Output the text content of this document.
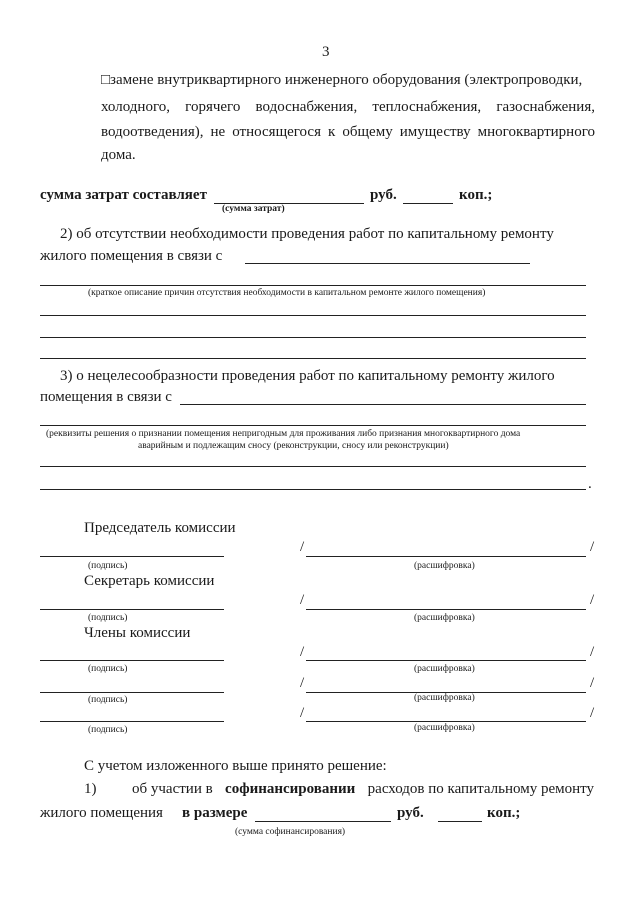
3
□замене внутриквартирного инженерного оборудования (электропроводки,
холодного, горячего водоснабжения, теплоснабжения, газоснабжения,
водоотведения), не относящегося к общему имуществу многоквартирного
дома.
сумма затрат составляет	руб.	коп.;
(сумма затрат)
2) об отсутствии необходимости проведения работ по капитальному ремонту
жилого помещения в связи с
(краткое описание причин отсутствия необходимости в капитальном ремонте жилого помещения)
3) о нецелесообразности проведения работ по капитальному ремонту жилого
помещения в связи с
(реквизиты решения о признании помещения непригодным для проживания либо признания многоквартирного дома
аварийным и подлежащим сносу (реконструкции, сносу или реконструкции)
.
Председатель комиссии
/	/
(подпись)	(расшифровка)
Секретарь комиссии
/	/
(подпись)	(расшифровка)
Члены комиссии
/	/
(подпись)	(расшифровка)
/	/
(подпись)	(расшифровка)
/	/
(подпись)	(расшифровка)
С учетом изложенного выше принято решение:
1) об участии в софинансировании расходов по капитальному ремонту
жилого помещения в размере	руб.	коп.;
(сумма софинансирования)
